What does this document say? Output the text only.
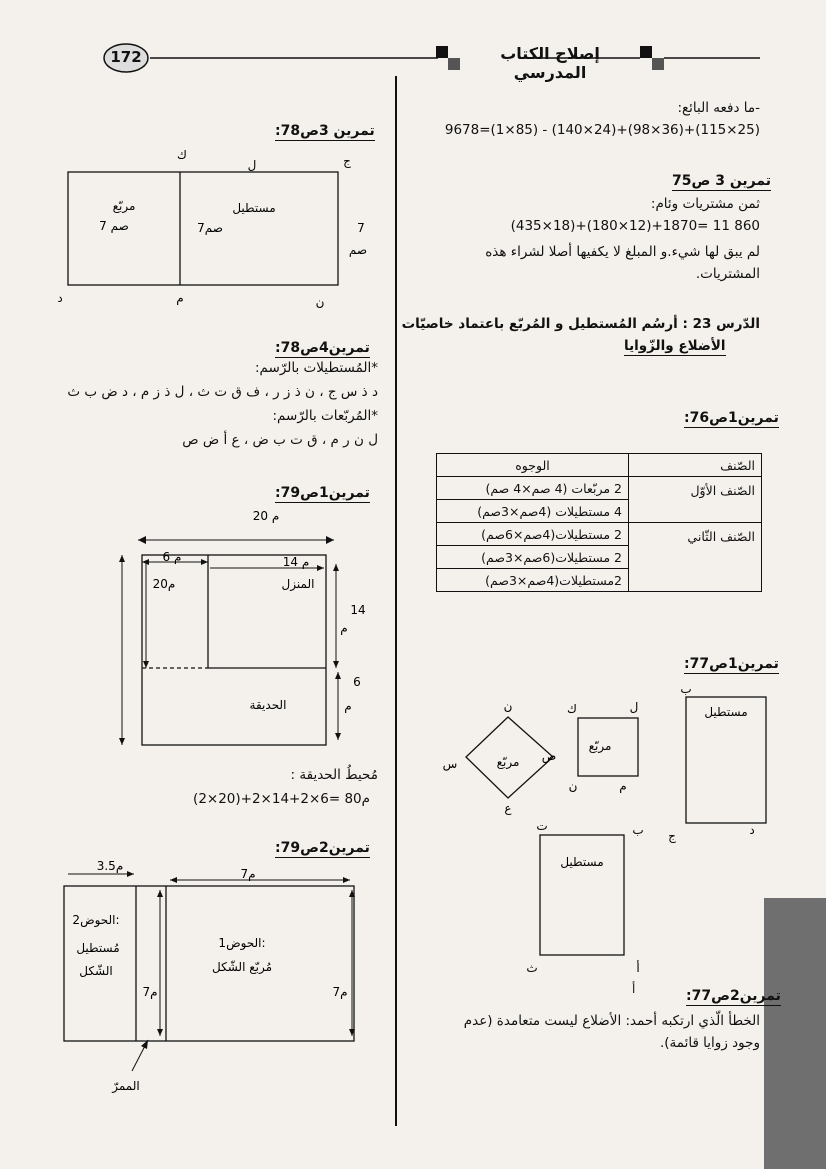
172	إصلاح الكتاب المدرسي
-ما دفعه البائع:
9678=(1×85) - (140×24)+(98×36)+(115×25)
تمرين 3 ص75
ثمن مشتريات وئام:
(435×18)+(180×12)+1870= 11 860
لم يبق لها شيء.و المبلغ لا يكفيها أصلا لشراء هذه
المشتريات.
الدّرس 23 : أرسُم المُستطيل و المُربّع باعتماد خاصيّات
الأضلاع والزّوايا
تمرين1ص76:
الصّنف	الوجوه
الصّنف الأوّل	2 مربّعات (4 صم×4 صم)
	4 مستطيلات (4صم×3صم)
الصّنف الثّاني	2 مستطيلات(4صم×6صم)
	2 مستطيلات(6صم×3صم)
	2مستطيلات(4صم×3صم)
تمرين1ص77:
مستطيل
ب
د
ج
مربّع
ل
ك
ن	م
مربّع
ن
ص
س
ع
مستطيل
ب
ت
ث	أ
تمرين2ص77:
أ
الخطأ الّذي ارتكبه أحمد: الأضلاع ليست متعامدة (عدم
وجود زوايا قائمة).
تمرين 3ص78:
ك
ل	ج
د	م	ن
مربّع	مستطيل
7 صم	7صم	7
صم
تمرين4ص78:
*المُستطيلات بالرّسم:
د ذ س ج ، ن ذ ز ر ، ف ق ت ث ، ل ذ ز م ، د ض ب ث
*المُربّعات بالرّسم:
ل ن ر م ، ق ت ب ض ، ع أ ض ص
تمرين1ص79:
20 م
6 م	14 م
20م	المنزل
14
م
6
م
الحديقة
مُحيطُ الحديقة :
(2×20)+2×14+2×6= 80م
تمرين2ص79:
3.5م
7م
الحوض2:
مُستطيل
الشّكل
الحوض1:
مُربّع الشّكل
7م	7م
الممرّ
